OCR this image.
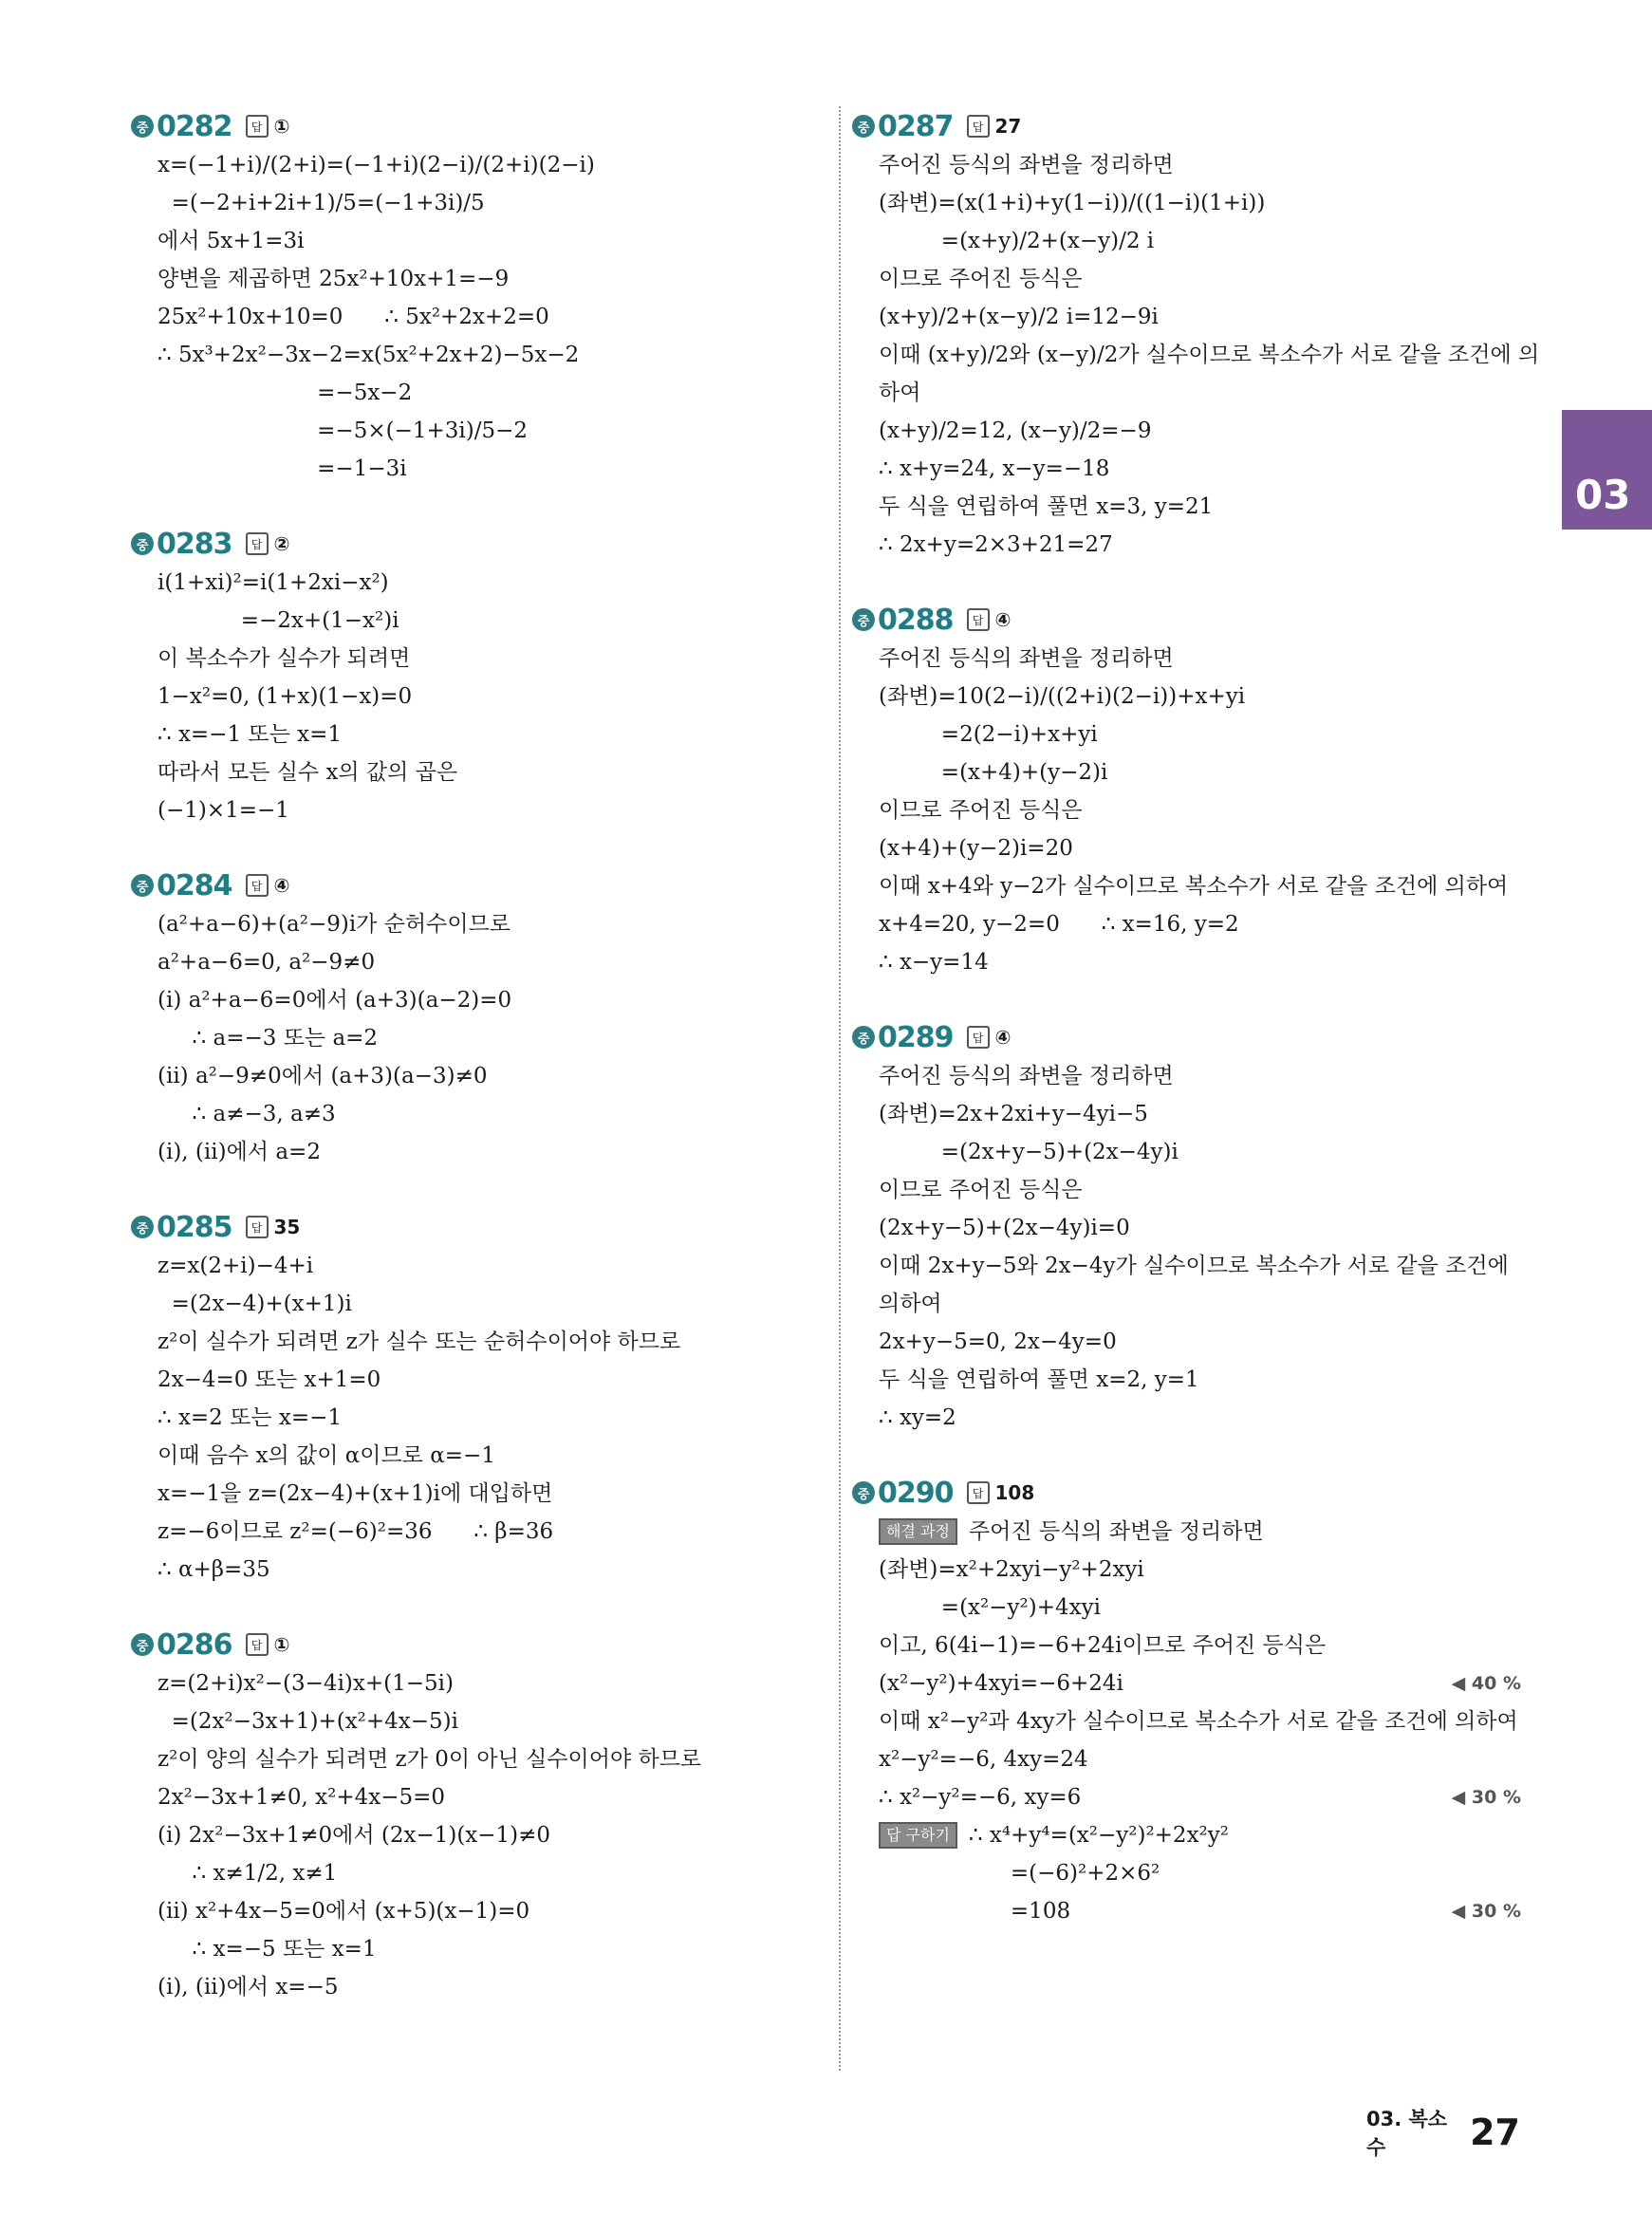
중 0282	답 ①
x=(−1+i)/(2+i)=(−1+i)(2−i)/(2+i)(2−i)
=(−2+i+2i+1)/5=(−1+3i)/5
에서 5x+1=3i
양변을 제곱하면 25x²+10x+1=−9
25x²+10x+10=0      ∴ 5x²+2x+2=0
∴ 5x³+2x²−3x−2=x(5x²+2x+2)−5x−2
=−5x−2
=−5×(−1+3i)/5−2
=−1−3i
중 0283	답 ②
i(1+xi)²=i(1+2xi−x²)
=−2x+(1−x²)i
이 복소수가 실수가 되려면
1−x²=0, (1+x)(1−x)=0
∴ x=−1 또는 x=1
따라서 모든 실수 x의 값의 곱은
(−1)×1=−1
중 0284	답 ④
(a²+a−6)+(a²−9)i가 순허수이므로
a²+a−6=0, a²−9≠0
(ⅰ) a²+a−6=0에서 (a+3)(a−2)=0
∴ a=−3 또는 a=2
(ⅱ) a²−9≠0에서 (a+3)(a−3)≠0
∴ a≠−3, a≠3
(ⅰ), (ⅱ)에서 a=2
중 0285	답 35
z=x(2+i)−4+i
=(2x−4)+(x+1)i
z²이 실수가 되려면 z가 실수 또는 순허수이어야 하므로
2x−4=0 또는 x+1=0
∴ x=2 또는 x=−1
이때 음수 x의 값이 α이므로 α=−1
x=−1을 z=(2x−4)+(x+1)i에 대입하면
z=−6이므로 z²=(−6)²=36      ∴ β=36
∴ α+β=35
중 0286	답 ①
z=(2+i)x²−(3−4i)x+(1−5i)
=(2x²−3x+1)+(x²+4x−5)i
z²이 양의 실수가 되려면 z가 0이 아닌 실수이어야 하므로
2x²−3x+1≠0, x²+4x−5=0
(ⅰ) 2x²−3x+1≠0에서 (2x−1)(x−1)≠0
∴ x≠1/2, x≠1
(ⅱ) x²+4x−5=0에서 (x+5)(x−1)=0
∴ x=−5 또는 x=1
(ⅰ), (ⅱ)에서 x=−5
중 0287	답 27
주어진 등식의 좌변을 정리하면
(좌변)=(x(1+i)+y(1−i))/((1−i)(1+i))
=(x+y)/2+(x−y)/2 i
이므로 주어진 등식은
(x+y)/2+(x−y)/2 i=12−9i
이때 (x+y)/2와 (x−y)/2가 실수이므로 복소수가 서로 같을 조건에 의
하여
(x+y)/2=12, (x−y)/2=−9
∴ x+y=24, x−y=−18
두 식을 연립하여 풀면 x=3, y=21
∴ 2x+y=2×3+21=27
중 0288	답 ④
주어진 등식의 좌변을 정리하면
(좌변)=10(2−i)/((2+i)(2−i))+x+yi
=2(2−i)+x+yi
=(x+4)+(y−2)i
이므로 주어진 등식은
(x+4)+(y−2)i=20
이때 x+4와 y−2가 실수이므로 복소수가 서로 같을 조건에 의하여
x+4=20, y−2=0      ∴ x=16, y=2
∴ x−y=14
중 0289	답 ④
주어진 등식의 좌변을 정리하면
(좌변)=2x+2xi+y−4yi−5
=(2x+y−5)+(2x−4y)i
이므로 주어진 등식은
(2x+y−5)+(2x−4y)i=0
이때 2x+y−5와 2x−4y가 실수이므로 복소수가 서로 같을 조건에
의하여
2x+y−5=0, 2x−4y=0
두 식을 연립하여 풀면 x=2, y=1
∴ xy=2
중 0290	답 108
해결 과정 주어진 등식의 좌변을 정리하면
(좌변)=x²+2xyi−y²+2xyi
=(x²−y²)+4xyi
이고, 6(4i−1)=−6+24i이므로 주어진 등식은
(x²−y²)+4xyi=−6+24i	◀ 40 %
이때 x²−y²과 4xy가 실수이므로 복소수가 서로 같을 조건에 의하여
x²−y²=−6, 4xy=24
∴ x²−y²=−6, xy=6	◀ 30 %
답 구하기 ∴ x⁴+y⁴=(x²−y²)²+2x²y²
=(−6)²+2×6²
=108	◀ 30 %
03
03. 복소수	27
